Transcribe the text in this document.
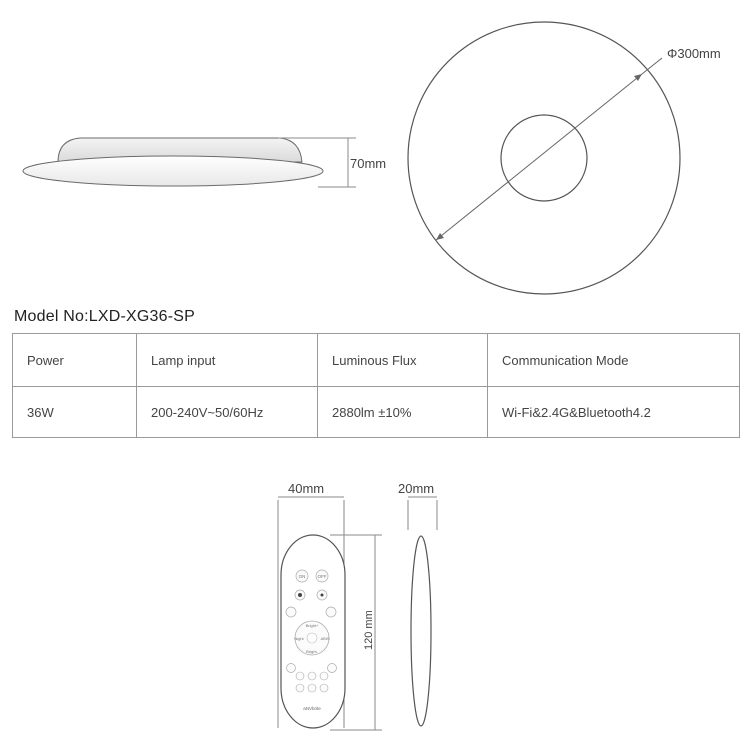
70mm
Φ300mm
40mm
120 mm
ON	OFF
Bright+
Night
Bright-
ABIS
aNVbrite
20mm
Model No:LXD-XG36-SP
Power	Lamp input	Luminous Flux	Communication Mode
36W	200-240V~50/60Hz	2880lm ±10%	Wi-Fi&2.4G&Bluetooth4.2
